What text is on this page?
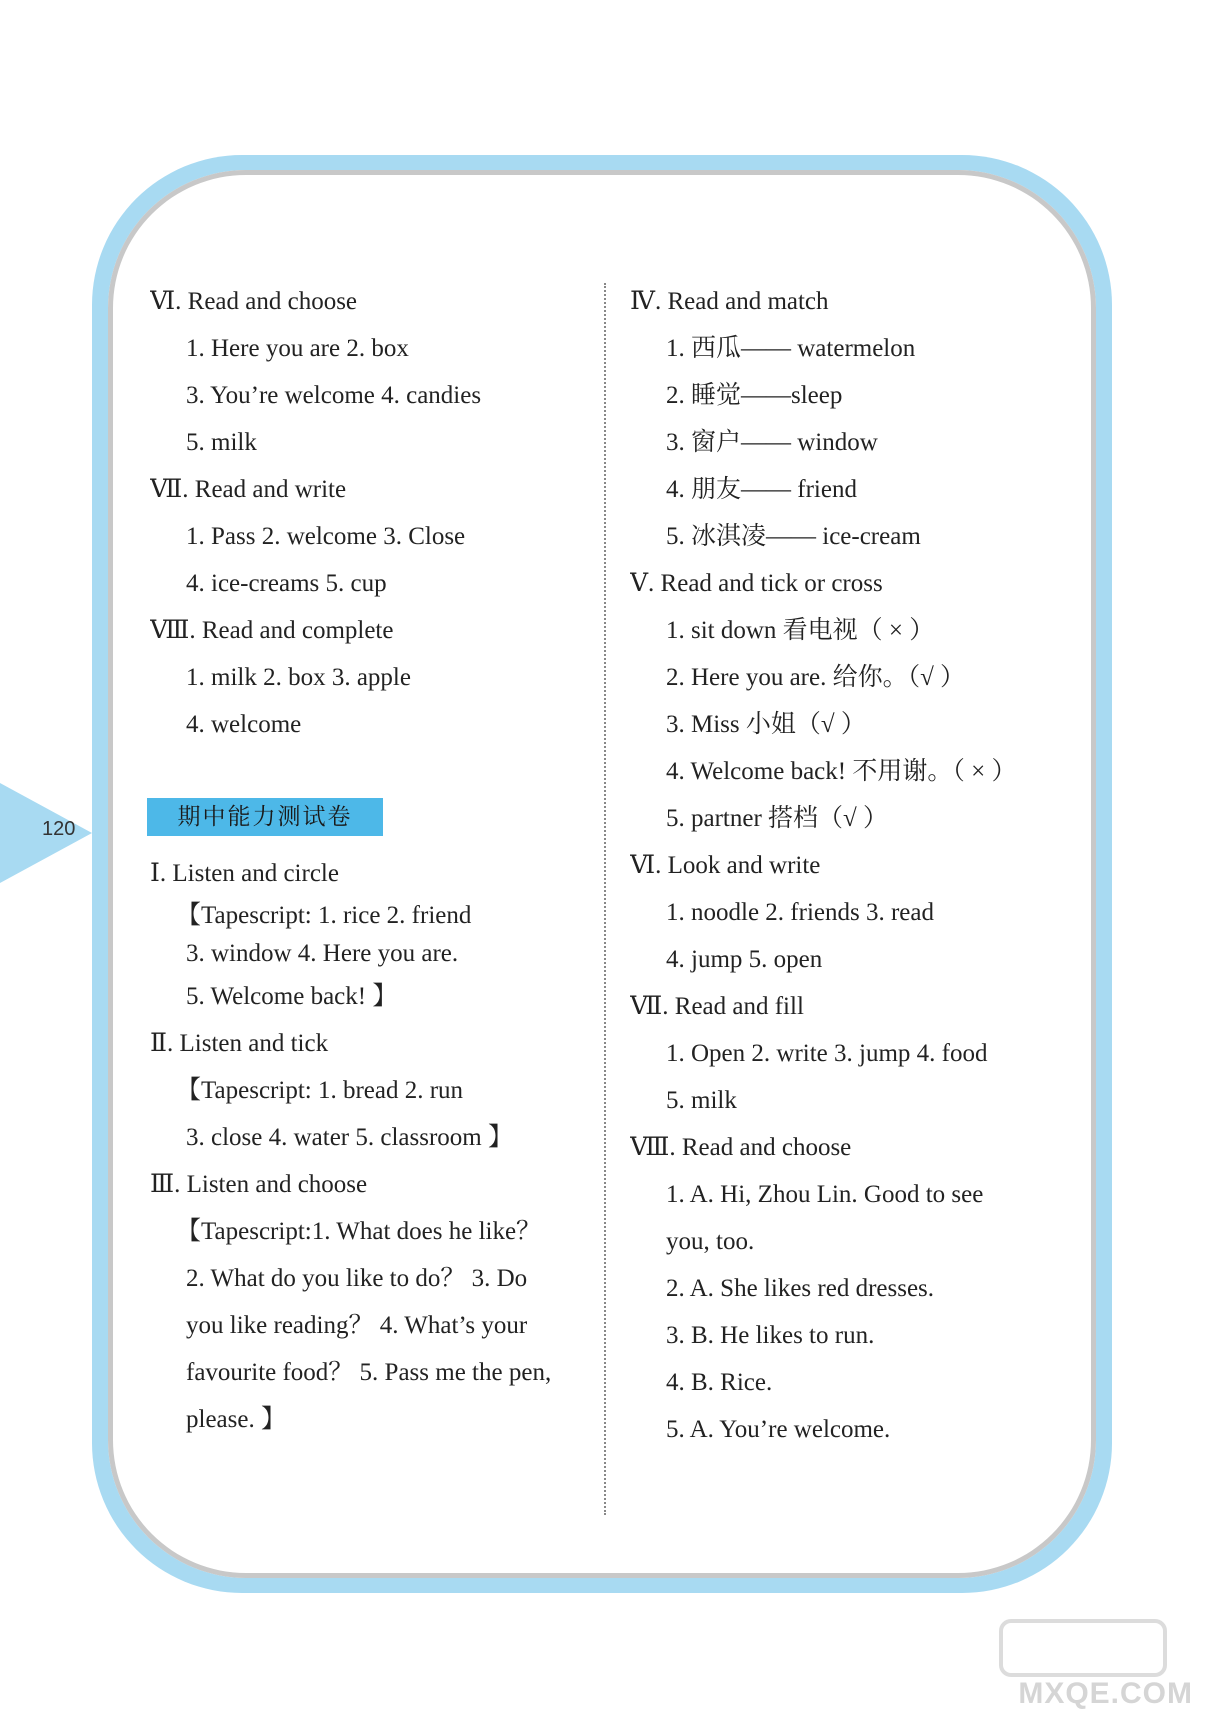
120
Ⅵ. Read and choose
1. Here you are 2. box
3. You’re welcome 4. candies
5. milk
Ⅶ. Read and write
1. Pass 2. welcome 3. Close
4. ice-creams 5. cup
Ⅷ. Read and complete
1. milk 2. box 3. apple
4. welcome
期中能力测试卷
Ⅰ. Listen and circle
【Tapescript: 1. rice 2. friend
3. window 4. Here you are.
5. Welcome back! 】
Ⅱ. Listen and tick
【Tapescript: 1. bread 2. run
3. close 4. water 5. classroom 】
Ⅲ. Listen and choose
【Tapescript:1. What does he like？
2. What do you like to do？ 3. Do
you like reading？ 4. What’s your
favourite food？ 5. Pass me the pen,
please. 】
Ⅳ. Read and match
1. 西瓜—— watermelon
2. 睡觉——sleep
3. 窗户—— window
4. 朋友—— friend
5. 冰淇凌—— ice-cream
Ⅴ. Read and tick or cross
1. sit down 看电视（ × ）
2. Here you are. 给你。（√ ）
3. Miss 小姐（√ ）
4. Welcome back! 不用谢。（ × ）
5. partner 搭档（√ ）
Ⅵ. Look and write
1. noodle 2. friends 3. read
4. jump 5. open
Ⅶ. Read and fill
1. Open 2. write 3. jump 4. food
5. milk
Ⅷ. Read and choose
1. A. Hi, Zhou Lin. Good to see
you, too.
2. A. She likes red dresses.
3. B. He likes to run.
4. B. Rice.
5. A. You’re welcome.
MXQE.COM
